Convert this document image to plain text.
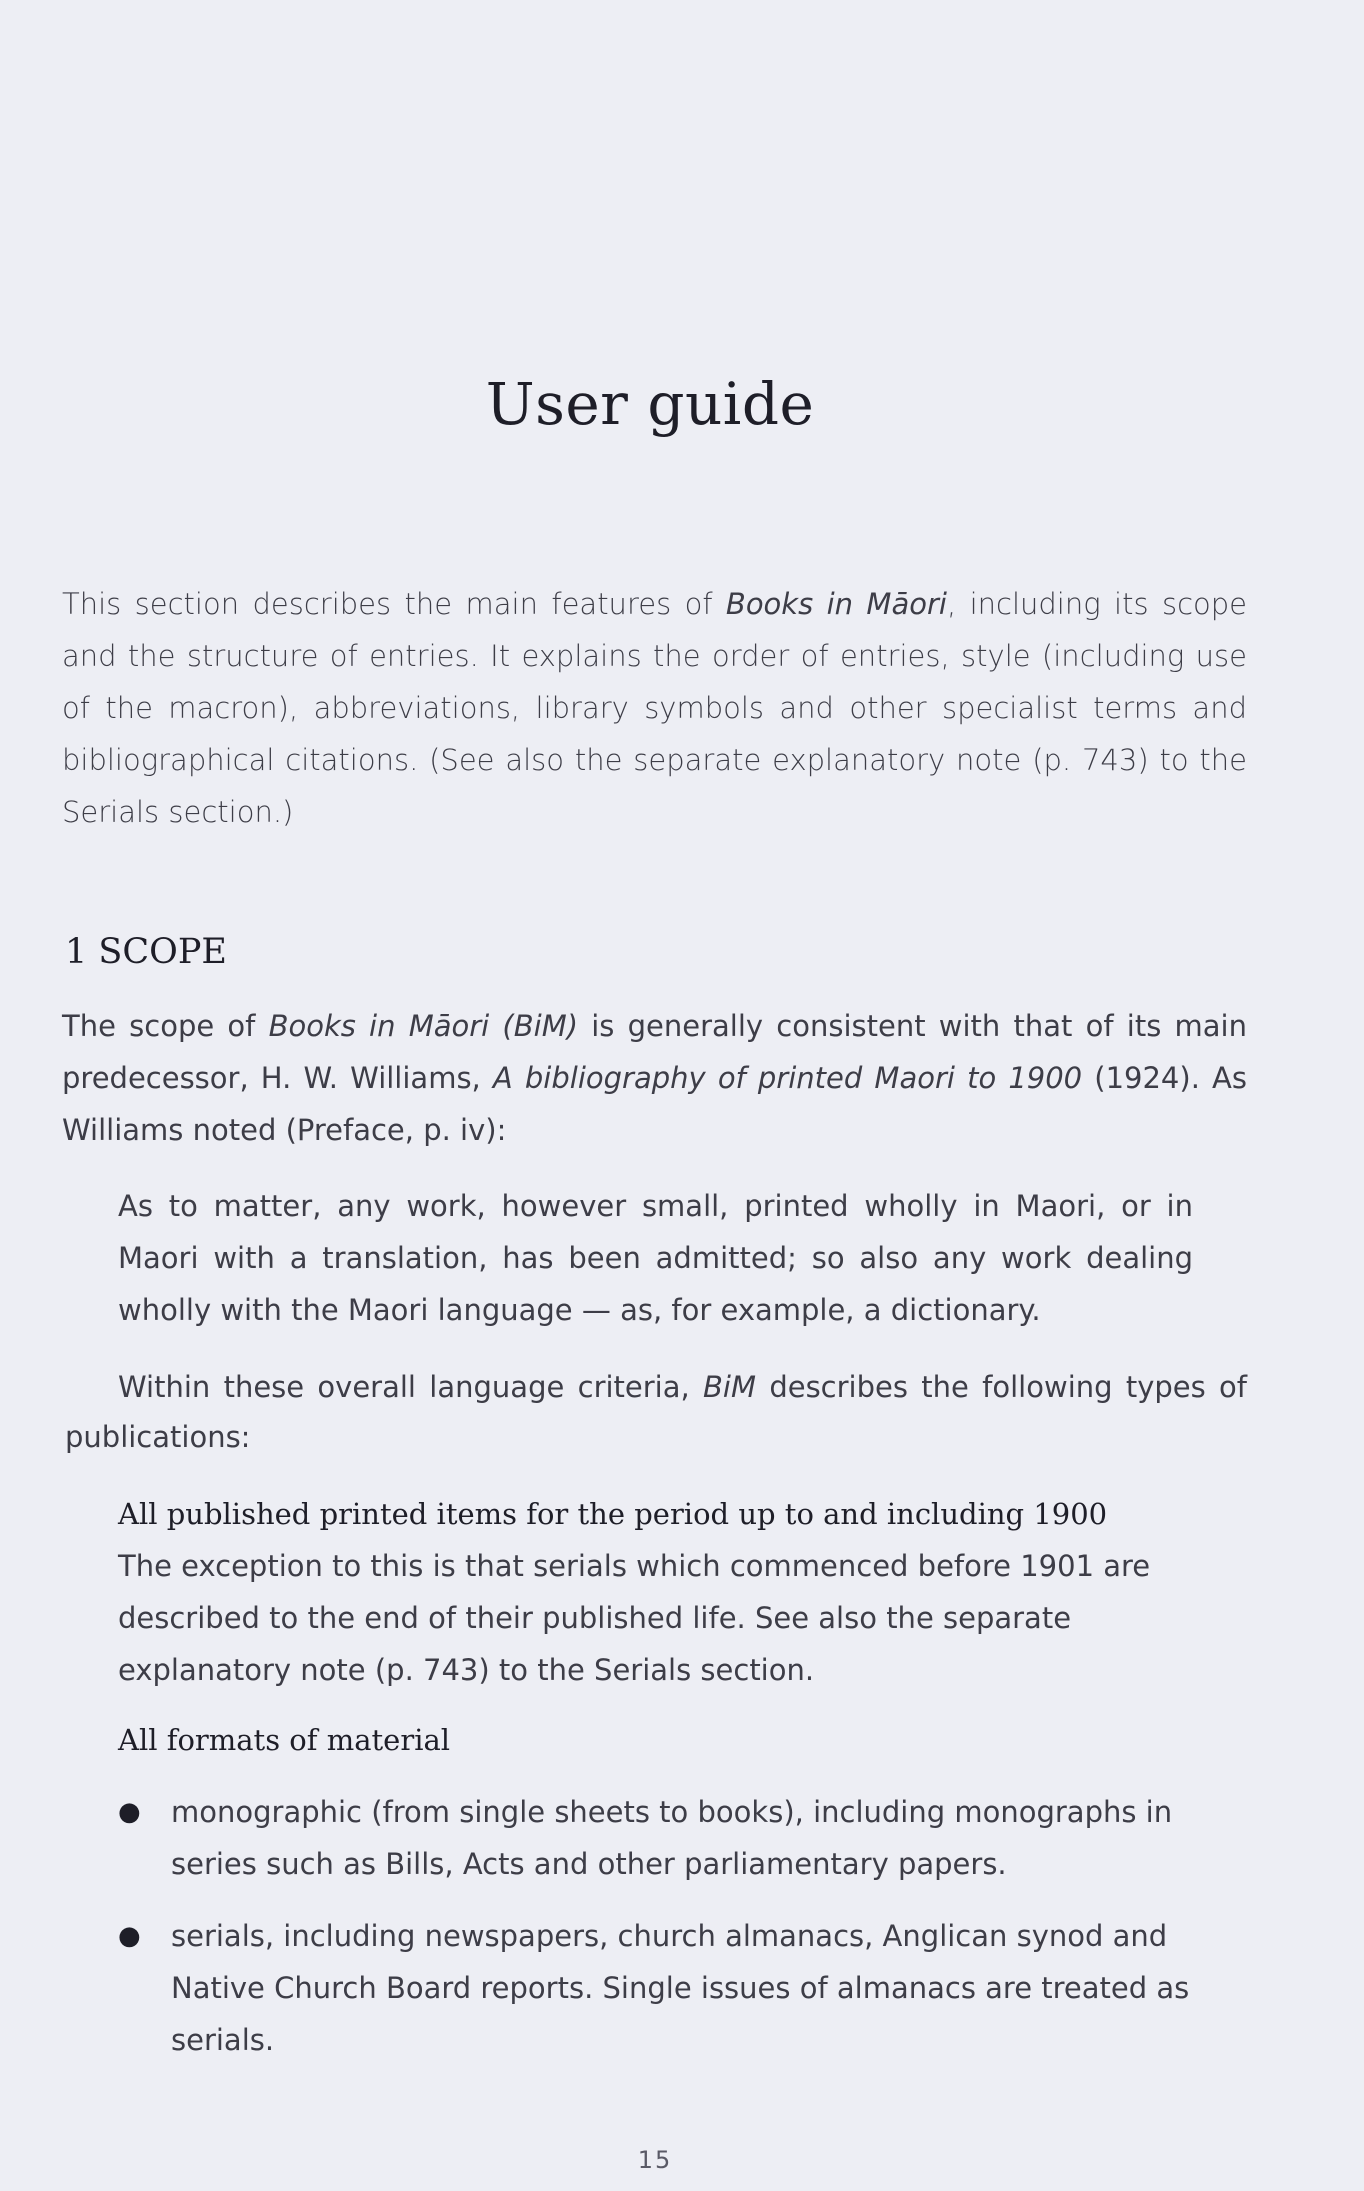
User guide

This section describes the main features of Books in Māori, including its scope and the structure of entries. It explains the order of entries, style (including use of the macron), abbreviations, library symbols and other specialist terms and bibliographical citations. (See also the separate explanatory note (p. 743) to the Serials section.)

1 SCOPE

The scope of Books in Māori (BiM) is generally consistent with that of its main predecessor, H. W. Williams, A bibliography of printed Maori to 1900 (1924). As Williams noted (Preface, p. iv):

As to matter, any work, however small, printed wholly in Maori, or in Maori with a translation, has been admitted; so also any work dealing wholly with the Maori language — as, for example, a dictionary.

Within these overall language criteria, BiM describes the following types of publications:

All published printed items for the period up to and including 1900

The exception to this is that serials which commenced before 1901 are described to the end of their published life. See also the separate explanatory note (p. 743) to the Serials section.

All formats of material

●	monographic (from single sheets to books), including monographs in series such as Bills, Acts and other parliamentary papers.
●	serials, including newspapers, church almanacs, Anglican synod and Native Church Board reports. Single issues of almanacs are treated as serials.

15
